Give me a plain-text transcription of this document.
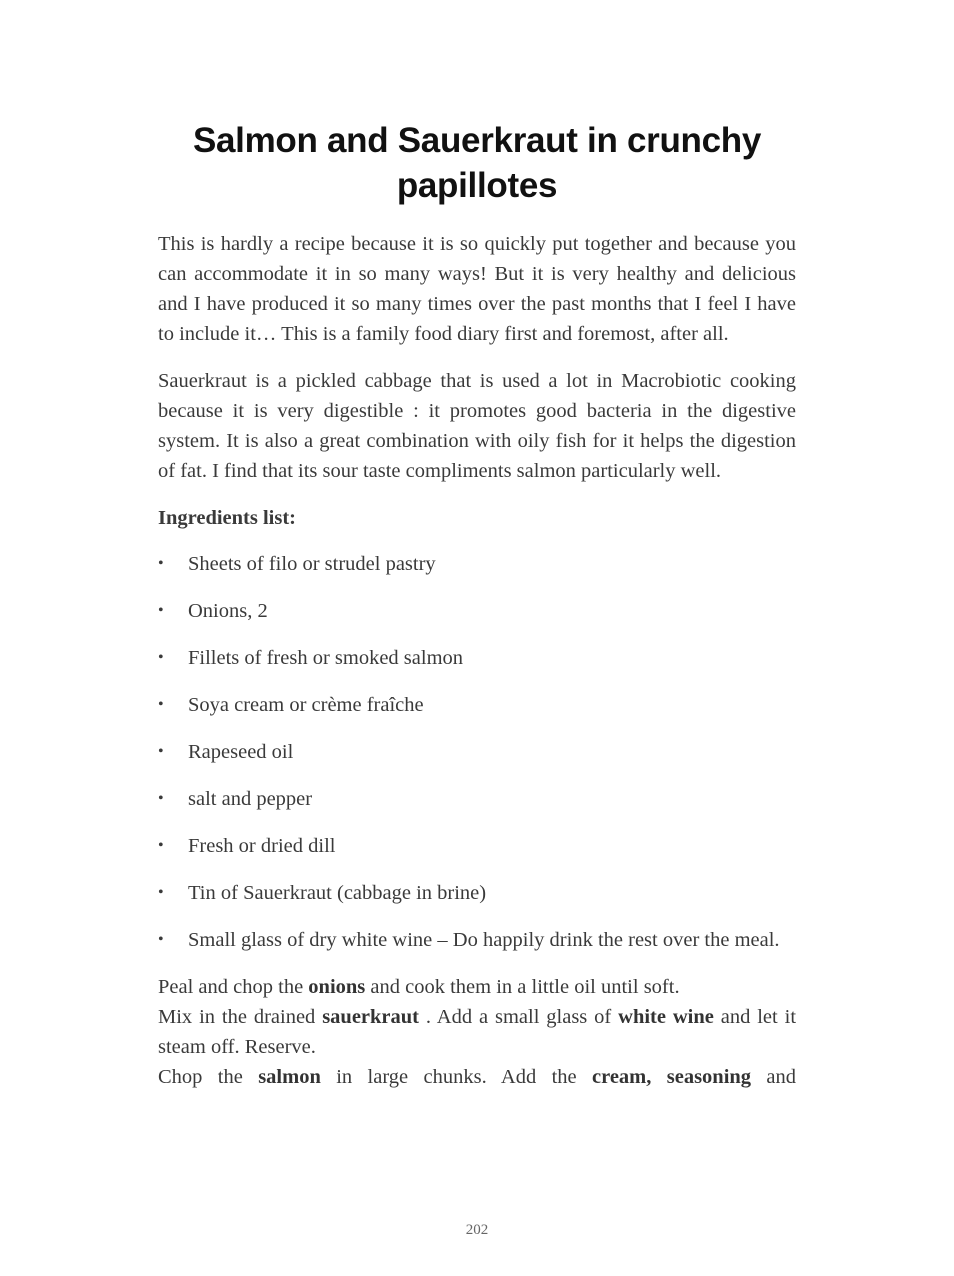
Salmon and Sauerkraut in crunchy papillotes

This is hardly a recipe because it is so quickly put together and because you can accommodate it in so many ways! But it is very healthy and delicious and I have produced it so many times over the past months that I feel I have to include it… This is a family food diary first and foremost, after all.

Sauerkraut is a pickled cabbage that is used a lot in Macrobiotic cooking because it is very digestible : it promotes good bacteria in the digestive system. It is also a great combination with oily fish for it helps the digestion of fat. I find that its sour taste compliments salmon particularly well.

Ingredients list:
• Sheets of filo or strudel pastry
• Onions, 2
• Fillets of fresh or smoked salmon
• Soya cream or crème fraîche
• Rapeseed oil
• salt and pepper
• Fresh or dried dill
• Tin of Sauerkraut (cabbage in brine)
• Small glass of dry white wine – Do happily drink the rest over the meal.

Peal and chop the onions and cook them in a little oil until soft.

Mix in the drained sauerkraut . Add a small glass of white wine and let it steam off. Reserve.

Chop the salmon in large chunks. Add the cream, seasoning and

202
